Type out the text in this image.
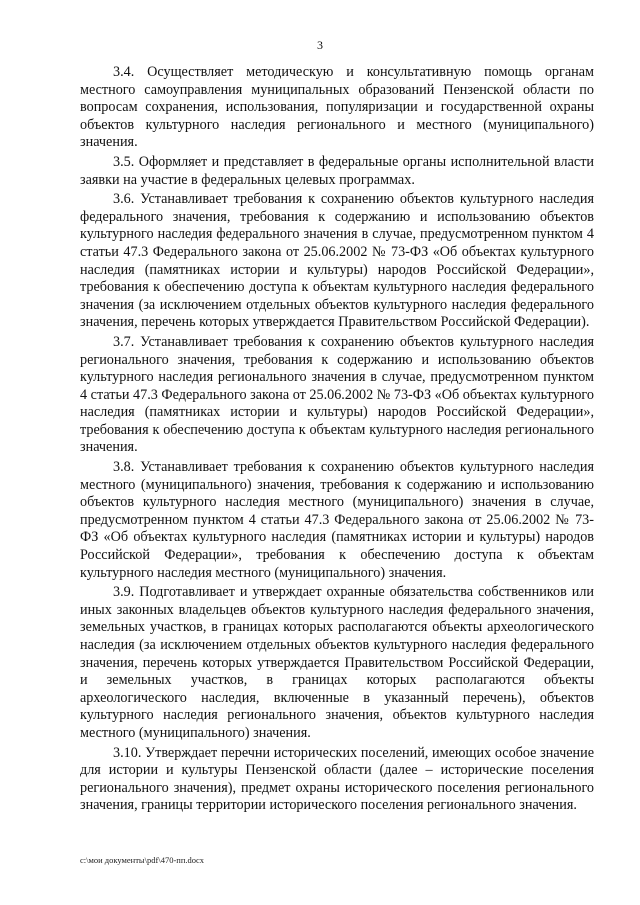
3

3.4. Осуществляет методическую и консультативную помощь органам местного самоуправления муниципальных образований Пензенской области по вопросам сохранения, использования, популяризации и государственной охраны объектов культурного наследия регионального и местного (муниципального) значения.

3.5. Оформляет и представляет в федеральные органы исполнительной власти заявки на участие в федеральных целевых программах.

3.6. Устанавливает требования к сохранению объектов культурного наследия федерального значения, требования к содержанию и использованию объектов культурного наследия федерального значения в случае, предусмотренном пунктом 4 статьи 47.3 Федерального закона от 25.06.2002 № 73-ФЗ «Об объектах культурного наследия (памятниках истории и культуры) народов Российской Федерации», требования к обеспечению доступа к объектам культурного наследия федерального значения (за исключением отдельных объектов культурного наследия федерального значения, перечень которых утверждается Правительством Российской Федерации).

3.7. Устанавливает требования к сохранению объектов культурного наследия регионального значения, требования к содержанию и использованию объектов культурного наследия регионального значения в случае, предусмотренном пунктом 4 статьи 47.3 Федерального закона от 25.06.2002 № 73-ФЗ «Об объектах культурного наследия (памятниках истории и культуры) народов Российской Федерации», требования к обеспечению доступа к объектам культурного наследия регионального значения.

3.8. Устанавливает требования к сохранению объектов культурного наследия местного (муниципального) значения, требования к содержанию и использованию объектов культурного наследия местного (муниципального) значения в случае, предусмотренном пунктом 4 статьи 47.3 Федерального закона от 25.06.2002 № 73-ФЗ «Об объектах культурного наследия (памятниках истории и культуры) народов Российской Федерации», требования к обеспечению доступа к объектам культурного наследия местного (муниципального) значения.

3.9. Подготавливает и утверждает охранные обязательства собственников или иных законных владельцев объектов культурного наследия федерального значения, земельных участков, в границах которых располагаются объекты археологического наследия (за исключением отдельных объектов культурного наследия федерального значения, перечень которых утверждается Правительством Российской Федерации, и земельных участков, в границах которых располагаются объекты археологического наследия, включенные в указанный перечень), объектов культурного наследия регионального значения, объектов культурного наследия местного (муниципального) значения.

3.10. Утверждает перечни исторических поселений, имеющих особое значение для истории и культуры Пензенской области (далее – исторические поселения регионального значения), предмет охраны исторического поселения регионального значения, границы территории исторического поселения регионального значения.

c:\мои документы\pdf\470-пп.docx
